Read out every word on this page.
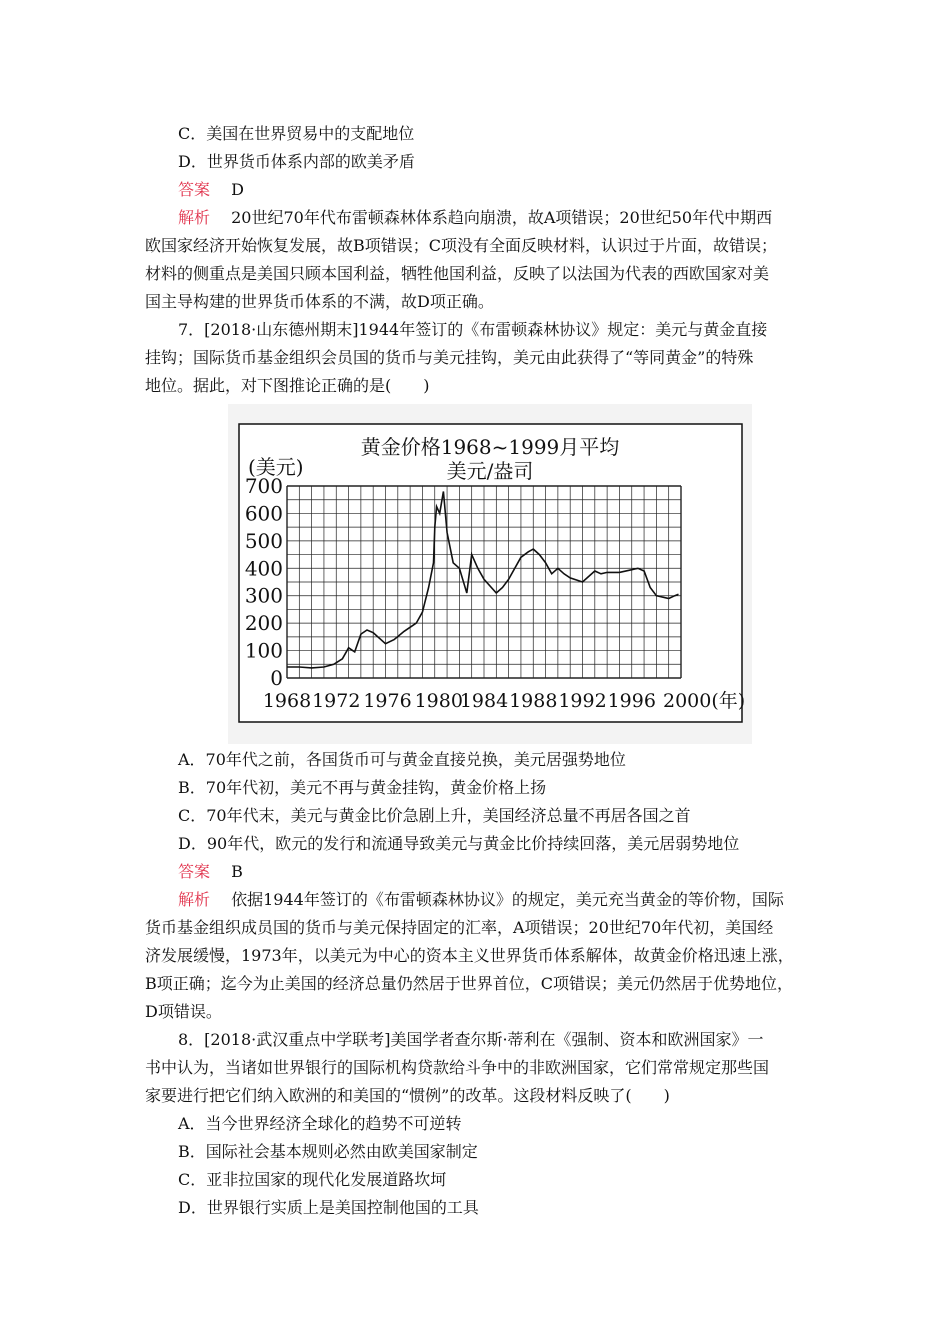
C．美国在世界贸易中的支配地位
D．世界货币体系内部的欧美矛盾
答案 D
解析 20世纪70年代布雷顿森林体系趋向崩溃，故A项错误；20世纪50年代中期西
欧国家经济开始恢复发展，故B项错误；C项没有全面反映材料，认识过于片面，故错误；
材料的侧重点是美国只顾本国利益，牺牲他国利益，反映了以法国为代表的西欧国家对美
国主导构建的世界货币体系的不满，故D项正确。
7．[2018·山东德州期末]1944年签订的《布雷顿森林协议》规定：美元与黄金直接
挂钩；国际货币基金组织会员国的货币与美元挂钩，美元由此获得了“等同黄金”的特殊
地位。据此，对下图推论正确的是(　　)
黄金价格1968~1999月平均
美元/盎司
(美元)
700
600
500
400
300
200
100
0
1968 1972 1976 1980
1984 1988 1992 1996 2000(年)
A．70年代之前，各国货币可与黄金直接兑换，美元居强势地位
B．70年代初，美元不再与黄金挂钩，黄金价格上扬
C．70年代末，美元与黄金比价急剧上升，美国经济总量不再居各国之首
D．90年代，欧元的发行和流通导致美元与黄金比价持续回落，美元居弱势地位
答案 B
解析 依据1944年签订的《布雷顿森林协议》的规定，美元充当黄金的等价物，国际
货币基金组织成员国的货币与美元保持固定的汇率，A项错误；20世纪70年代初，美国经
济发展缓慢，1973年，以美元为中心的资本主义世界货币体系解体，故黄金价格迅速上涨，
B项正确；迄今为止美国的经济总量仍然居于世界首位，C项错误；美元仍然居于优势地位，
D项错误。
8．[2018·武汉重点中学联考]美国学者查尔斯·蒂利在《强制、资本和欧洲国家》一
书中认为，当诸如世界银行的国际机构贷款给斗争中的非欧洲国家，它们常常规定那些国
家要进行把它们纳入欧洲的和美国的“惯例”的改革。这段材料反映了(　　)
A．当今世界经济全球化的趋势不可逆转
B．国际社会基本规则必然由欧美国家制定
C．亚非拉国家的现代化发展道路坎坷
D．世界银行实质上是美国控制他国的工具
